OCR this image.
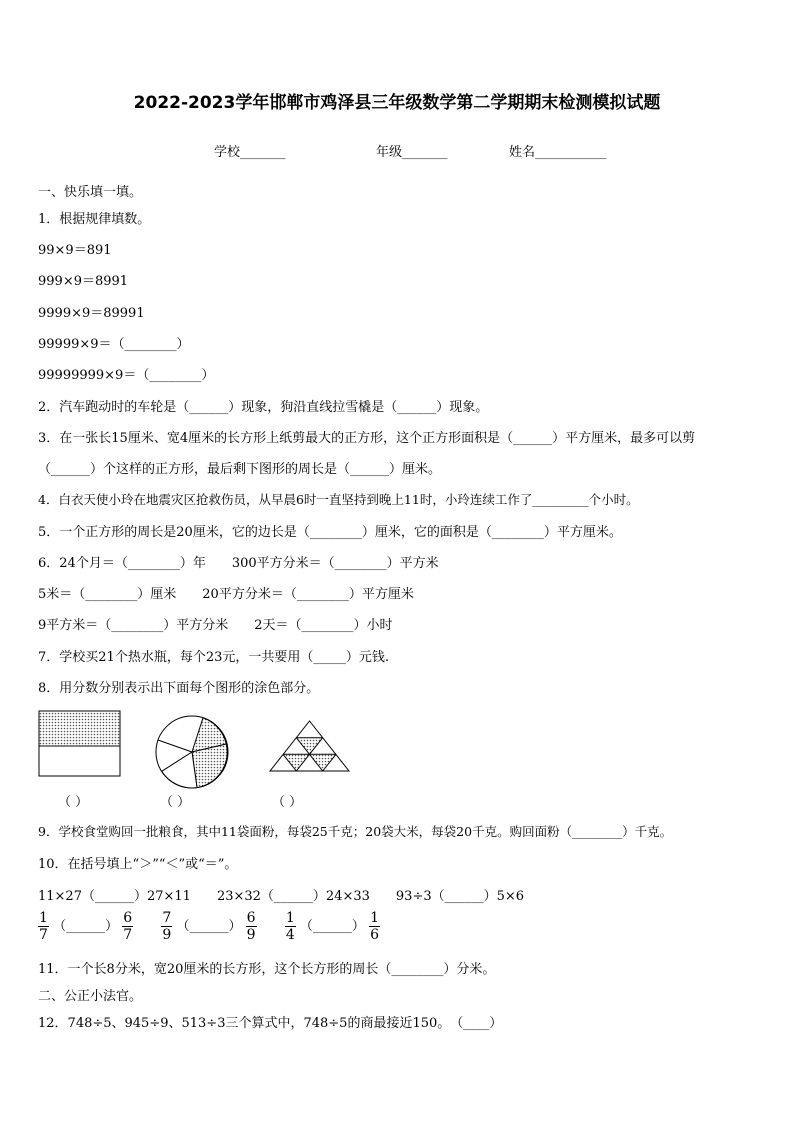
2022-2023学年邯郸市鸡泽县三年级数学第二学期期末检测模拟试题
学校_______	年级_______	姓名___________
一、快乐填一填。
1．根据规律填数。
99×9＝891
999×9＝8991
9999×9＝89991
99999×9＝（________）
99999999×9＝（________）
2．汽车跑动时的车轮是（______）现象，狗沿直线拉雪橇是（______）现象。
3．在一张长15厘米、宽4厘米的长方形上纸剪最大的正方形，这个正方形面积是（______）平方厘米，最多可以剪
（______）个这样的正方形，最后剩下图形的周长是（______）厘米。
4．白衣天使小玲在地震灾区抢救伤员，从早晨6时一直坚持到晚上11时，小玲连续工作了_________个小时。
5．一个正方形的周长是20厘米，它的边长是（________）厘米，它的面积是（________）平方厘米。
6．24个月＝（________）年　　300平方分米＝（________）平方米
5米＝（________）厘米　　20平方分米＝（________）平方厘米
9平方米＝（________）平方分米　　2天＝（________）小时
7．学校买21个热水瓶，每个23元，一共要用（_____）元钱.
8．用分数分别表示出下面每个图形的涂色部分。
（ ）	（ ）	（ ）
9．学校食堂购回一批粮食，其中11袋面粉，每袋25千克；20袋大米，每袋20千克。购回面粉（________）千克。
10．在括号填上“＞”“＜”或“＝”。
11×27（______）27×11　　23×32（______）24×33　　93÷3（______）5×6
$\frac{1}{7}$ （______） $\frac{6}{7}$
$\frac{7}{9}$ （______） $\frac{6}{9}$
$\frac{1}{4}$ （______） $\frac{1}{6}$
11．一个长8分米，宽20厘米的长方形，这个长方形的周长（________）分米。
二、公正小法官。
12．748÷5、945÷9、513÷3三个算式中，748÷5的商最接近150。　（____）
